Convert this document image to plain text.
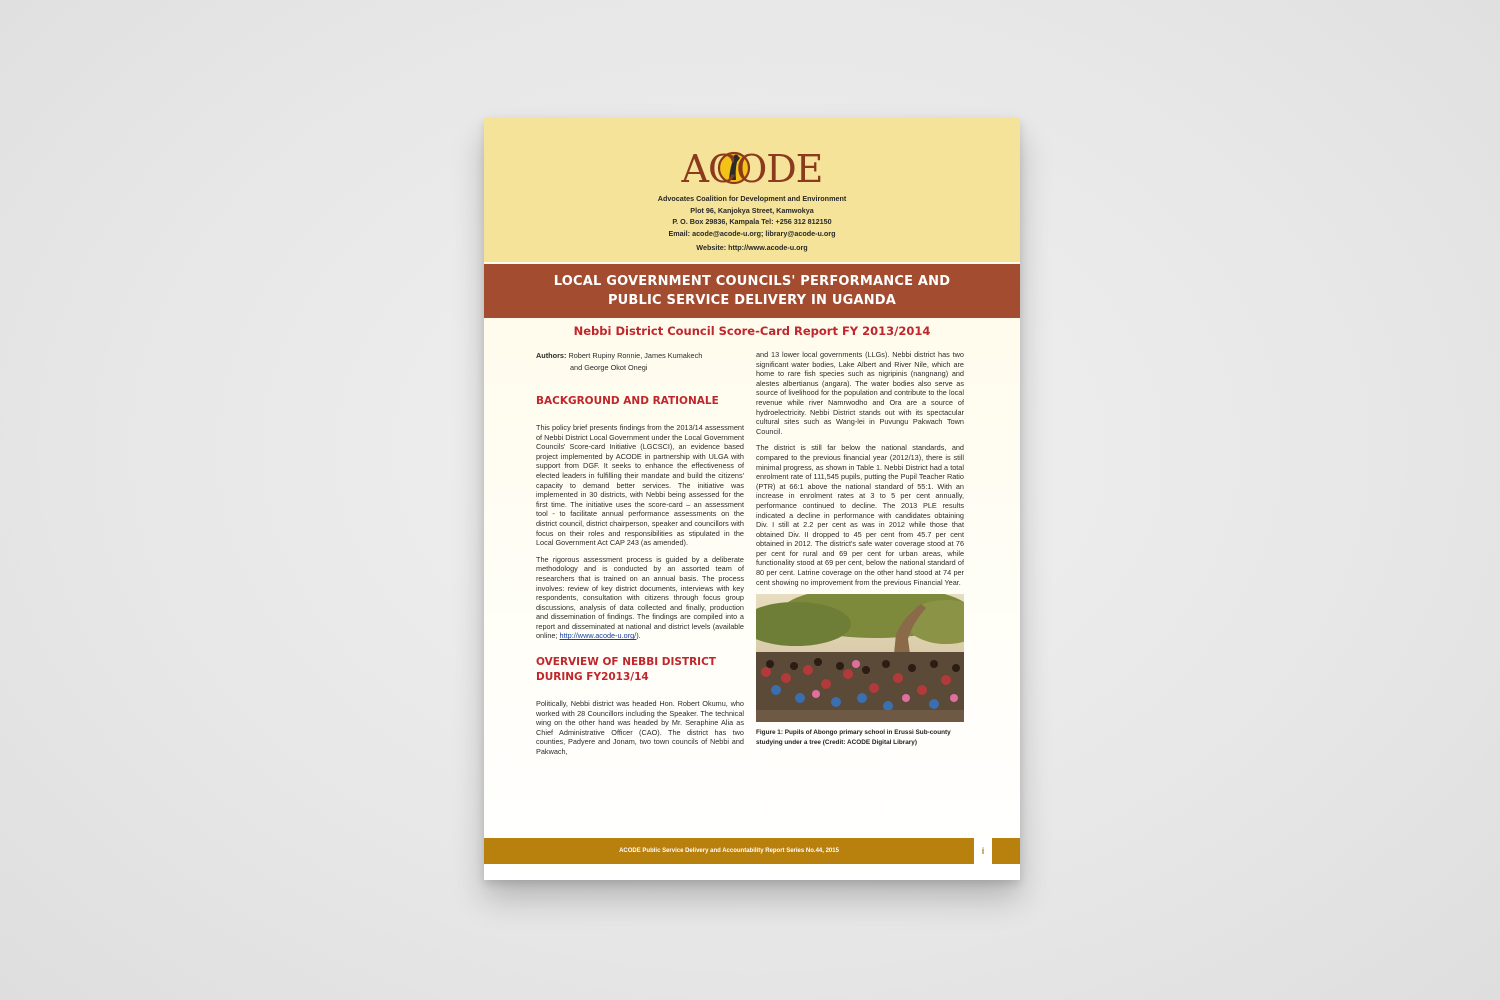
ACODE
Advocates Coalition for Development and Environment
Plot 96, Kanjokya Street, Kamwokya
P. O. Box 29836, Kampala Tel: +256 312 812150
Email: acode@acode-u.org; library@acode-u.org
Website: http://www.acode-u.org
LOCAL GOVERNMENT COUNCILS' PERFORMANCE AND
PUBLIC SERVICE DELIVERY IN UGANDA
Nebbi District Council Score-Card Report FY 2013/2014
Authors: Robert Rupiny Ronnie, James Kumakech
and George Okot Onegi
BACKGROUND AND RATIONALE

This policy brief presents findings from the 2013/14 assessment of Nebbi District Local Government under the Local Government Councils' Score-card Initiative (LGCSCI), an evidence based project implemented by ACODE in partnership with ULGA with support from DGF. It seeks to enhance the effectiveness of elected leaders in fulfilling their mandate and build the citizens' capacity to demand better services. The initiative was implemented in 30 districts, with Nebbi being assessed for the first time. The initiative uses the score-card – an assessment tool - to facilitate annual performance assessments on the district council, district chairperson, speaker and councillors with focus on their roles and responsibilities as stipulated in the Local Government Act CAP 243 (as amended).

The rigorous assessment process is guided by a deliberate methodology and is conducted by an assorted team of researchers that is trained on an annual basis. The process involves: review of key district documents, interviews with key respondents, consultation with citizens through focus group discussions, analysis of data collected and finally, production and dissemination of findings. The findings are compiled into a report and disseminated at national and district levels (available online; http://www.acode-u.org/).

OVERVIEW OF NEBBI DISTRICT DURING FY2013/14

Politically, Nebbi district was headed Hon. Robert Okumu, who worked with 28 Councillors including the Speaker. The technical wing on the other hand was headed by Mr. Seraphine Alia as Chief Administrative Officer (CAO). The district has two counties, Padyere and Jonam, two town councils of Nebbi and Pakwach,

and 13 lower local governments (LLGs). Nebbi district has two significant water bodies, Lake Albert and River Nile, which are home to rare fish species such as nigripinis (nangnang) and alestes albertianus (angara). The water bodies also serve as source of livelihood for the population and contribute to the local revenue while river Namrwodho and Ora are a source of hydroelectricity. Nebbi District stands out with its spectacular cultural sites such as Wang-lei in Puvungu Pakwach Town Council.

The district is still far below the national standards, and compared to the previous financial year (2012/13), there is still minimal progress, as shown in Table 1. Nebbi District had a total enrolment rate of 111,545 pupils, putting the Pupil Teacher Ratio (PTR) at 66:1 above the national standard of 55:1. With an increase in enrolment rates at 3 to 5 per cent annually, performance continued to decline. The 2013 PLE results indicated a decline in performance with candidates obtaining Div. I still at 2.2 per cent as was in 2012 while those that obtained Div. II dropped to 45 per cent from 45.7 per cent obtained in 2012. The district's safe water coverage stood at 76 per cent for rural and 69 per cent for urban areas, while functionality stood at 69 per cent, below the national standard of 80 per cent. Latrine coverage on the other hand stood at 74 per cent showing no improvement from the previous Financial Year.

Figure 1: Pupils of Abongo primary school in Erussi Sub-county studying under a tree (Credit: ACODE Digital Library)
ACODE Public Service Delivery and Accountability Report Series No.44, 2015	i
